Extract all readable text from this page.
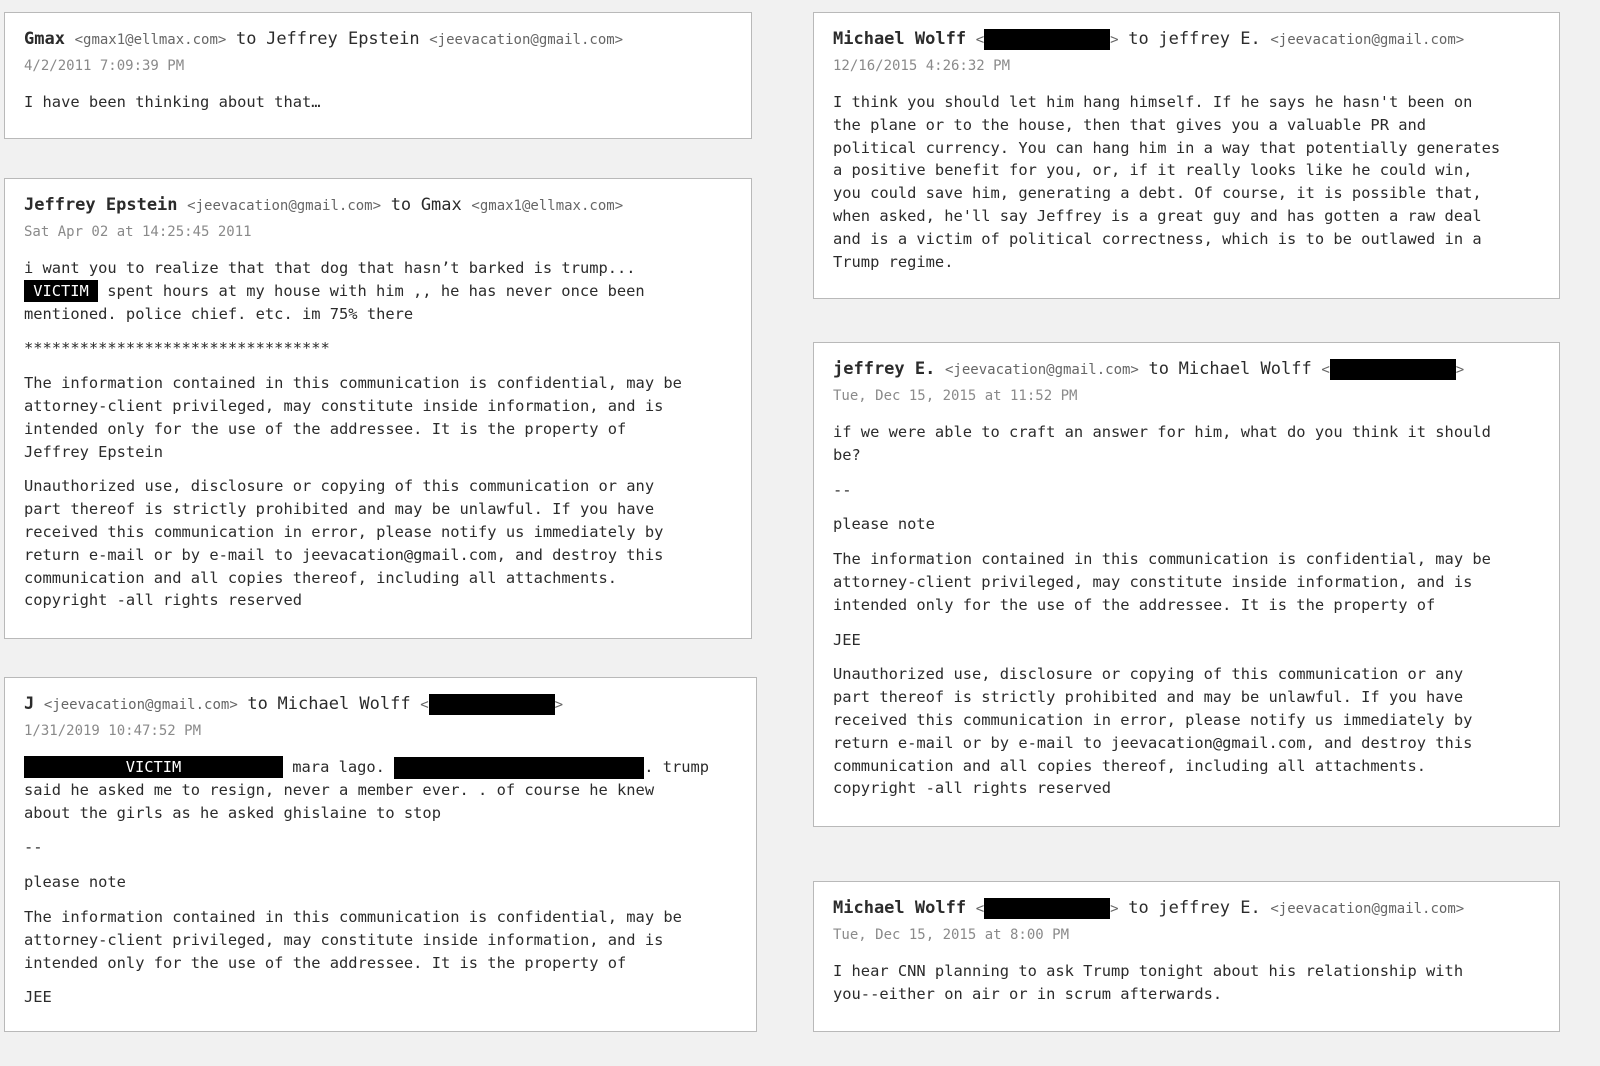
Gmax <gmax1@ellmax.com> to Jeffrey Epstein <jeevacation@gmail.com>
4/2/2011 7:09:39 PM
I have been thinking about that…
Jeffrey Epstein <jeevacation@gmail.com> to Gmax <gmax1@ellmax.com>
Sat Apr 02 at 14:25:45 2011
i want you to realize that that dog that hasn’t barked is trump...
VICTIM spent hours at my house with him ,, he has never once been
mentioned. police chief. etc. im 75% there
*********************************
The information contained in this communication is confidential, may be
attorney-client privileged, may constitute inside information, and is
intended only for the use of the addressee. It is the property of
Jeffrey Epstein
Unauthorized use, disclosure or copying of this communication or any
part thereof is strictly prohibited and may be unlawful. If you have
received this communication in error, please notify us immediately by
return e-mail or by e-mail to jeevacation@gmail.com, and destroy this
communication and all copies thereof, including all attachments.
copyright -all rights reserved
J <jeevacation@gmail.com> to Michael Wolff <	>
1/31/2019 10:47:52 PM
VICTIM	mara lago.	. trump
said he asked me to resign, never a member ever. . of course he knew
about the girls as he asked ghislaine to stop
--
please note
The information contained in this communication is confidential, may be
attorney-client privileged, may constitute inside information, and is
intended only for the use of the addressee. It is the property of
JEE
Michael Wolff <	> to jeffrey E. <jeevacation@gmail.com>
12/16/2015 4:26:32 PM
I think you should let him hang himself. If he says he hasn't been on
the plane or to the house, then that gives you a valuable PR and
political currency. You can hang him in a way that potentially generates
a positive benefit for you, or, if it really looks like he could win,
you could save him, generating a debt. Of course, it is possible that,
when asked, he'll say Jeffrey is a great guy and has gotten a raw deal
and is a victim of political correctness, which is to be outlawed in a
Trump regime.
jeffrey E. <jeevacation@gmail.com> to Michael Wolff <	>
Tue, Dec 15, 2015 at 11:52 PM
if we were able to craft an answer for him, what do you think it should
be?
--
please note
The information contained in this communication is confidential, may be
attorney-client privileged, may constitute inside information, and is
intended only for the use of the addressee. It is the property of
JEE
Unauthorized use, disclosure or copying of this communication or any
part thereof is strictly prohibited and may be unlawful. If you have
received this communication in error, please notify us immediately by
return e-mail or by e-mail to jeevacation@gmail.com, and destroy this
communication and all copies thereof, including all attachments.
copyright -all rights reserved
Michael Wolff <	> to jeffrey E. <jeevacation@gmail.com>
Tue, Dec 15, 2015 at 8:00 PM
I hear CNN planning to ask Trump tonight about his relationship with
you--either on air or in scrum afterwards.
